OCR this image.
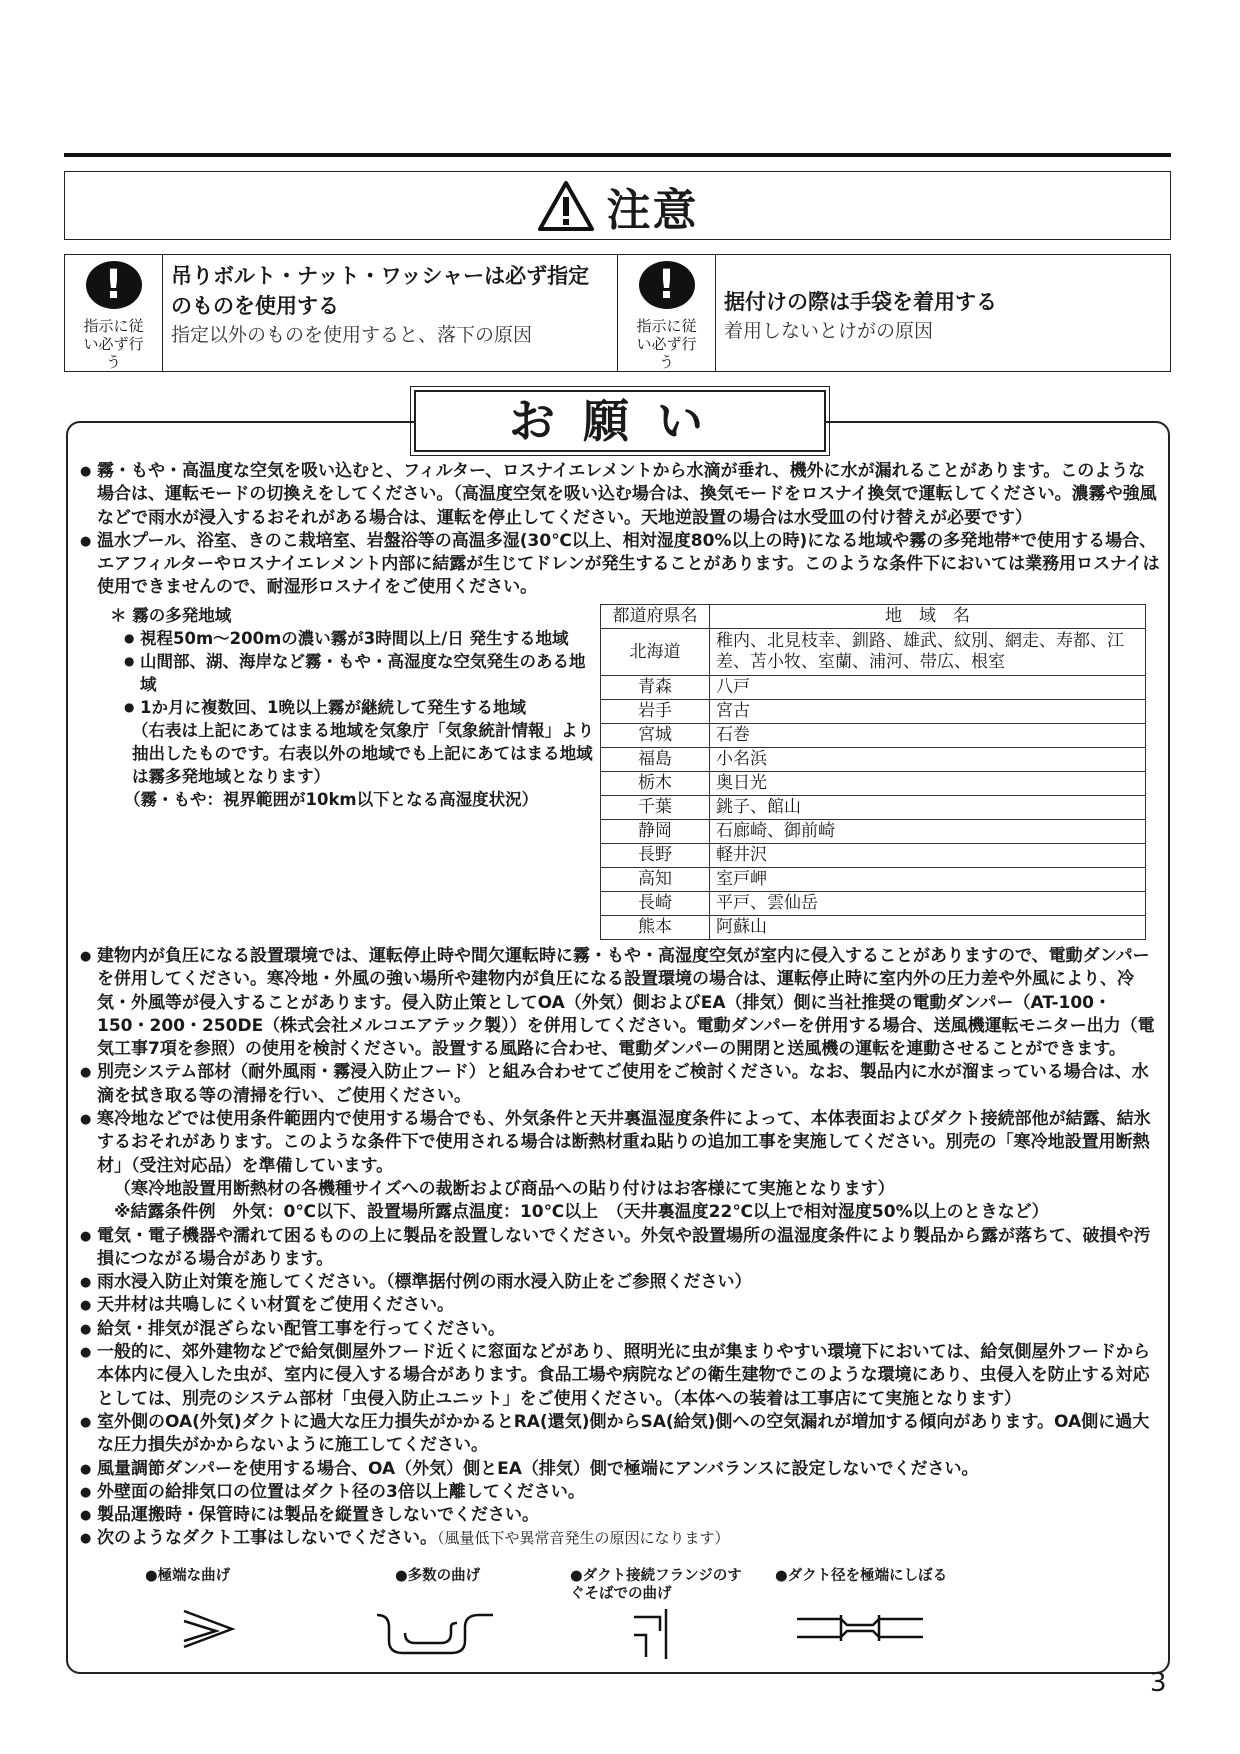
注意
!
指示に従い必ず行う
吊りボルト・ナット・ワッシャーは必ず指定のものを使用する
指定以外のものを使用すると、落下の原因
!
指示に従い必ず行う
据付けの際は手袋を着用する
着用しないとけがの原因
お願い
● 霧・もや・高温度な空気を吸い込むと、フィルター、ロスナイエレメントから水滴が垂れ、機外に水が漏れることがあります。このような場合は、運転モードの切換えをしてください。（高温度空気を吸い込む場合は、換気モードをロスナイ換気で運転してください。濃霧や強風などで雨水が浸入するおそれがある場合は、運転を停止してください。天地逆設置の場合は水受皿の付け替えが必要です）
● 温水プール、浴室、きのこ栽培室、岩盤浴等の高温多湿(30℃以上、相対湿度80%以上の時)になる地域や霧の多発地帯*で使用する場合、エアフィルターやロスナイエレメント内部に結露が生じてドレンが発生することがあります。このような条件下においては業務用ロスナイは使用できませんので、耐湿形ロスナイをご使用ください。
＊ 霧の多発地域
● 視程50m～200mの濃い霧が3時間以上/日 発生する地域
● 山間部、湖、海岸など霧・もや・高湿度な空気発生のある地域
● 1か月に複数回、1晩以上霧が継続して発生する地域
（右表は上記にあてはまる地域を気象庁「気象統計情報」より抽出したものです。右表以外の地域でも上記にあてはまる地域は霧多発地域となります）
（霧・もや：視界範囲が10km以下となる高湿度状況）
都道府県名	地　域　名
北海道	稚内、北見枝幸、釧路、雄武、紋別、網走、寿都、江差、苫小牧、室蘭、浦河、帯広、根室
青森	八戸
岩手	宮古
宮城	石巻
福島	小名浜
栃木	奥日光
千葉	銚子、館山
静岡	石廊崎、御前崎
長野	軽井沢
高知	室戸岬
長崎	平戸、雲仙岳
熊本	阿蘇山
● 建物内が負圧になる設置環境では、運転停止時や間欠運転時に霧・もや・高湿度空気が室内に侵入することがありますので、電動ダンパーを併用してください。寒冷地・外風の強い場所や建物内が負圧になる設置環境の場合は、運転停止時に室内外の圧力差や外風により、冷気・外風等が侵入することがあります。侵入防止策としてOA（外気）側およびEA（排気）側に当社推奨の電動ダンパー（AT-100・150・200・250DE（株式会社メルコエアテック製））を併用してください。電動ダンパーを併用する場合、送風機運転モニター出力（電気工事7項を参照）の使用を検討ください。設置する風路に合わせ、電動ダンパーの開閉と送風機の運転を連動させることができます。
● 別売システム部材（耐外風雨・霧浸入防止フード）と組み合わせてご使用をご検討ください。なお、製品内に水が溜まっている場合は、水滴を拭き取る等の清掃を行い、ご使用ください。
● 寒冷地などでは使用条件範囲内で使用する場合でも、外気条件と天井裏温湿度条件によって、本体表面およびダクト接続部他が結露、結氷するおそれがあります。このような条件下で使用される場合は断熱材重ね貼りの追加工事を実施してください。別売の「寒冷地設置用断熱材」（受注対応品）を準備しています。
（寒冷地設置用断熱材の各機種サイズへの裁断および商品への貼り付けはお客様にて実施となります）
※結露条件例　外気：0℃以下、設置場所露点温度：10℃以上　（天井裏温度22℃以上で相対湿度50%以上のときなど）
● 電気・電子機器や濡れて困るものの上に製品を設置しないでください。外気や設置場所の温湿度条件により製品から露が落ちて、破損や汚損につながる場合があります。
● 雨水浸入防止対策を施してください。（標準据付例の雨水浸入防止をご参照ください）
● 天井材は共鳴しにくい材質をご使用ください。
● 給気・排気が混ざらない配管工事を行ってください。
● 一般的に、郊外建物などで給気側屋外フード近くに窓面などがあり、照明光に虫が集まりやすい環境下においては、給気側屋外フードから本体内に侵入した虫が、室内に侵入する場合があります。食品工場や病院などの衛生建物でこのような環境にあり、虫侵入を防止する対応としては、別売のシステム部材「虫侵入防止ユニット」をご使用ください。（本体への装着は工事店にて実施となります）
● 室外側のOA(外気)ダクトに過大な圧力損失がかかるとRA(還気)側からSA(給気)側への空気漏れが増加する傾向があります。OA側に過大な圧力損失がかからないように施工してください。
● 風量調節ダンパーを使用する場合、OA（外気）側とEA（排気）側で極端にアンバランスに設定しないでください。
● 外壁面の給排気口の位置はダクト径の3倍以上離してください。
● 製品運搬時・保管時には製品を縦置きしないでください。
● 次のようなダクト工事はしないでください。（風量低下や異常音発生の原因になります）
●極端な曲げ	●多数の曲げ	●ダクト接続フランジのすぐそばでの曲げ
●ダクト径を極端にしぼる
3
